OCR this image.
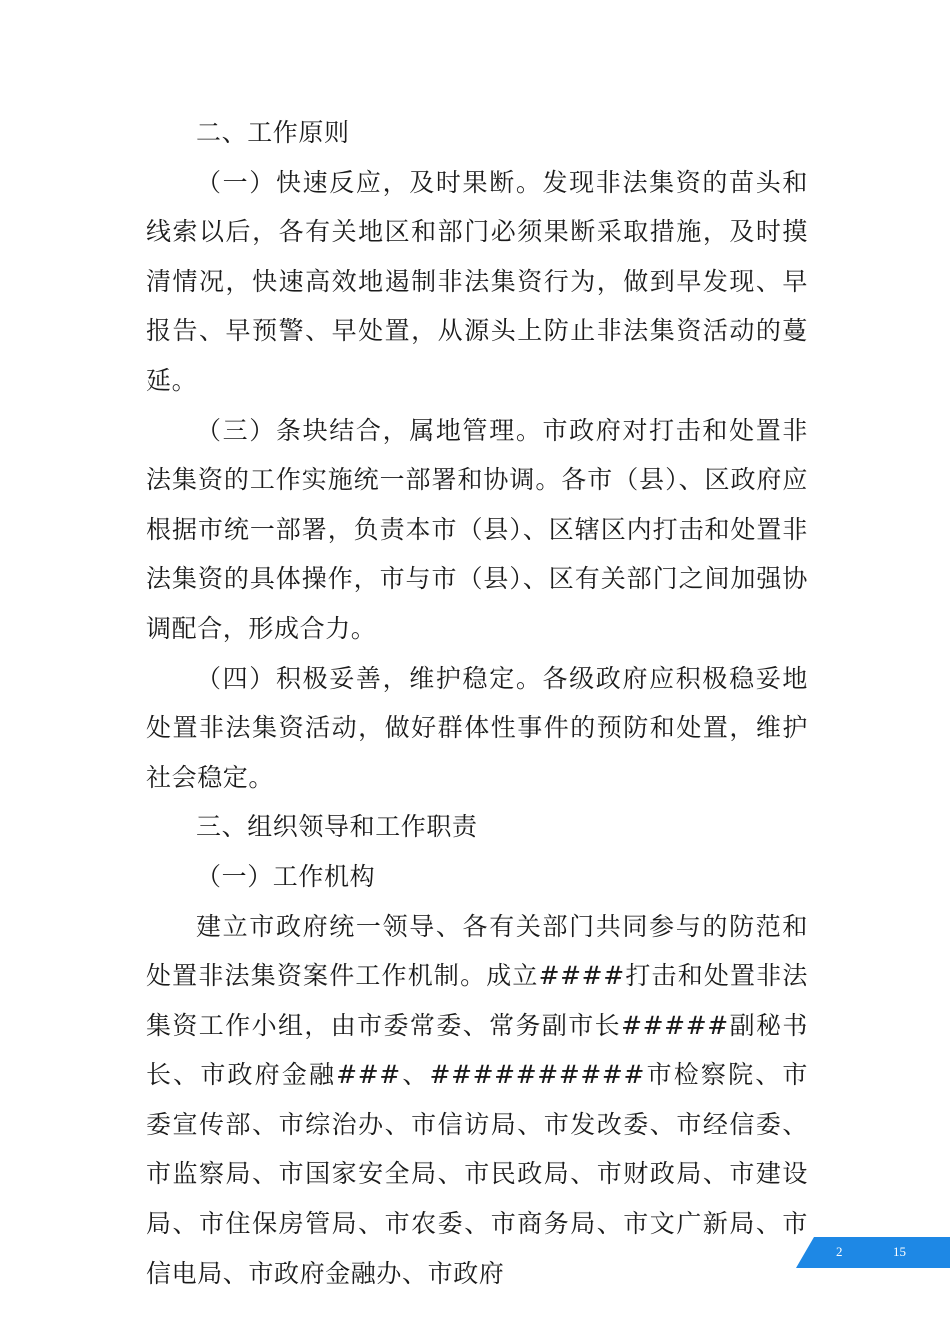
二、工作原则

（一）快速反应，及时果断。发现非法集资的苗头和线索以后，各有关地区和部门必须果断采取措施，及时摸清情况，快速高效地遏制非法集资行为，做到早发现、早报告、早预警、早处置，从源头上防止非法集资活动的蔓延。

（三）条块结合，属地管理。市政府对打击和处置非法集资的工作实施统一部署和协调。各市（县）、区政府应根据市统一部署，负责本市（县）、区辖区内打击和处置非法集资的具体操作，市与市（县）、区有关部门之间加强协调配合，形成合力。

（四）积极妥善，维护稳定。各级政府应积极稳妥地处置非法集资活动，做好群体性事件的预防和处置，维护社会稳定。

三、组织领导和工作职责

（一）工作机构

建立市政府统一领导、各有关部门共同参与的防范和处置非法集资案件工作机制。成立####打击和处置非法集资工作小组，由市委常委、常务副市长#####副秘书长、市政府金融###、##########市检察院、市委宣传部、市综治办、市信访局、市发改委、市经信委、市监察局、市国家安全局、市民政局、市财政局、市建设局、市住保房管局、市农委、市商务局、市文广新局、市信电局、市政府金融办、市政府

2	15
